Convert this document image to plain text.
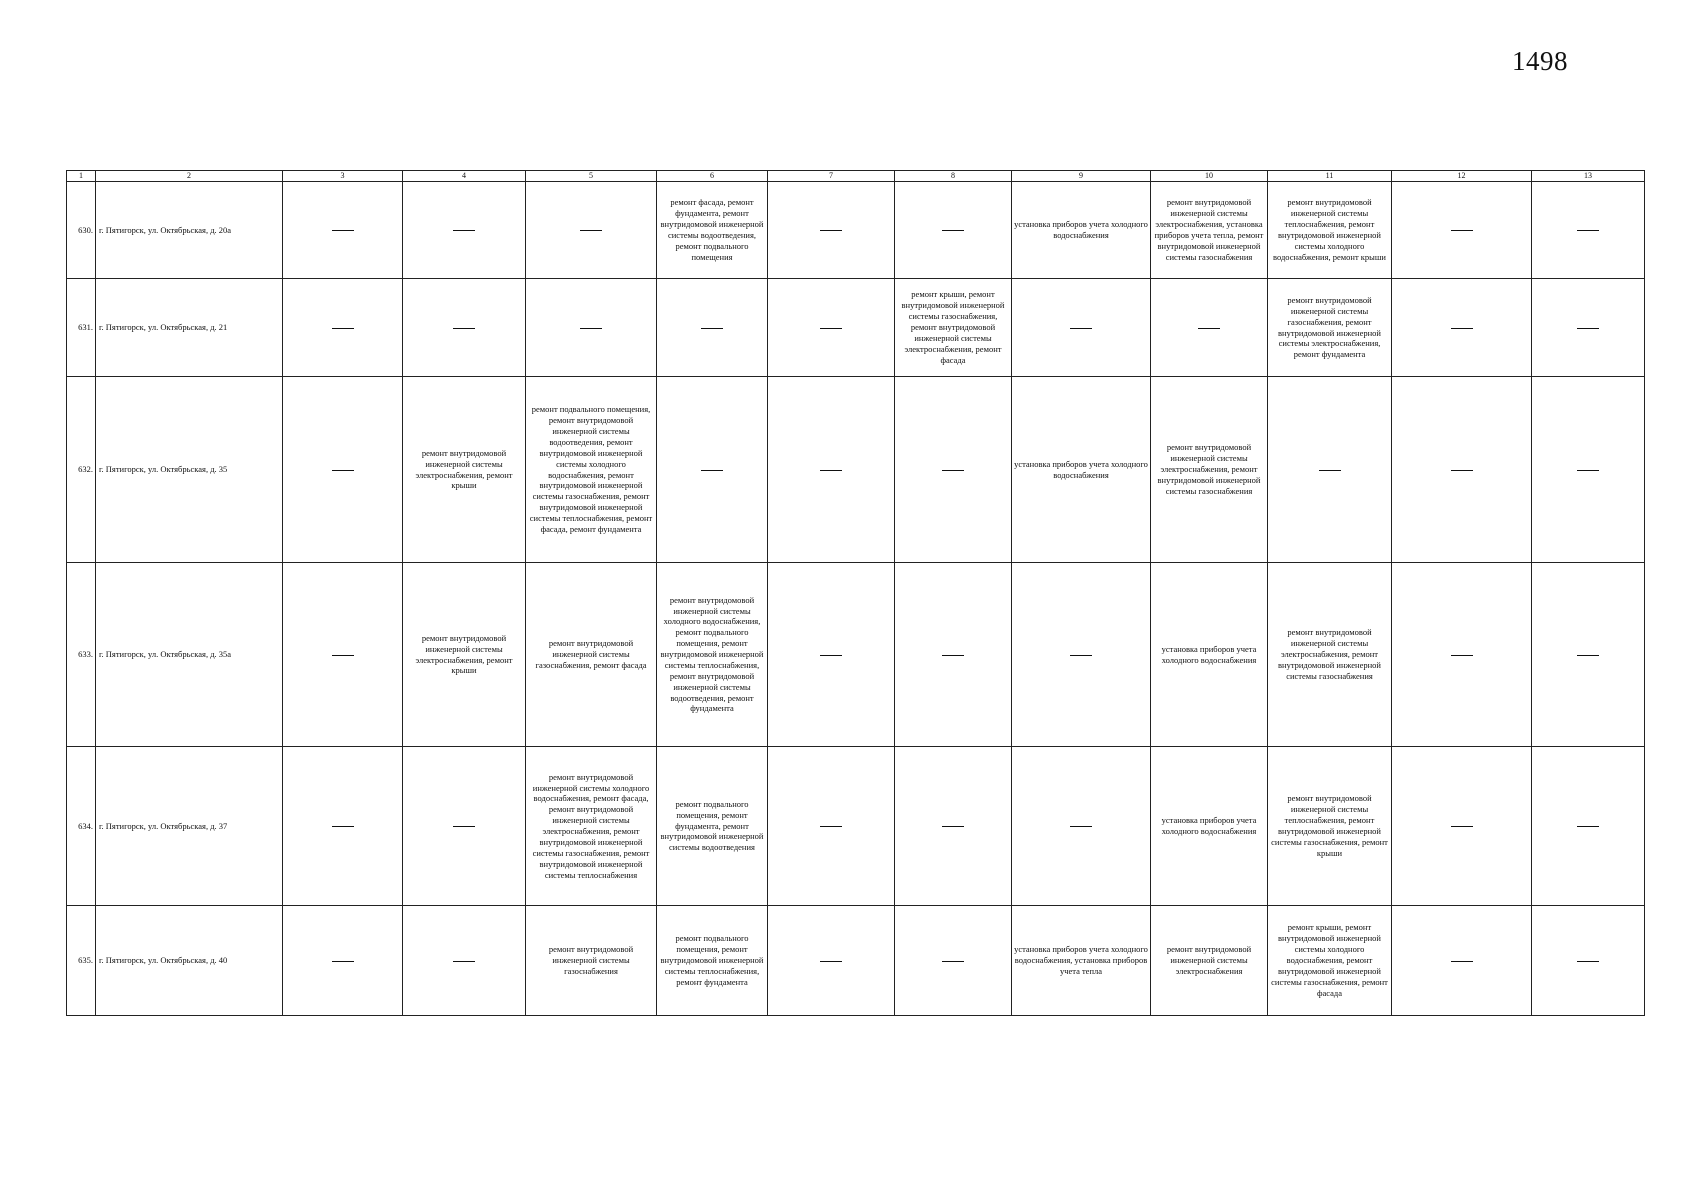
1498
1	2	3	4	5	6	7	8	9	10	11	12	13
630.	г. Пятигорск, ул. Октябрьская, д. 20а				ремонт фасада, ремонт фундамента, ремонт внутридомовой инженерной системы водоотведения, ремонт подвального помещения			установка приборов учета холодного водоснабжения	ремонт внутридомовой инженерной системы электроснабжения, установка приборов учета тепла, ремонт внутридомовой инженерной системы газоснабжения	ремонт внутридомовой инженерной системы теплоснабжения, ремонт внутридомовой инженерной системы холодного водоснабжения, ремонт крыши		
631.	г. Пятигорск, ул. Октябрьская, д. 21						ремонт крыши, ремонт внутридомовой инженерной системы газоснабжения, ремонт внутридомовой инженерной системы электроснабжения, ремонт фасада			ремонт внутридомовой инженерной системы газоснабжения, ремонт внутридомовой инженерной системы электроснабжения, ремонт фундамента		
632.	г. Пятигорск, ул. Октябрьская, д. 35		ремонт внутридомовой инженерной системы электроснабжения, ремонт крыши	ремонт подвального помещения, ремонт внутридомовой инженерной системы водоотведения, ремонт внутридомовой инженерной системы холодного водоснабжения, ремонт внутридомовой инженерной системы газоснабжения, ремонт внутридомовой инженерной системы теплоснабжения, ремонт фасада, ремонт фундамента				установка приборов учета холодного водоснабжения	ремонт внутридомовой инженерной системы электроснабжения, ремонт внутридомовой инженерной системы газоснабжения			
633.	г. Пятигорск, ул. Октябрьская, д. 35а		ремонт внутридомовой инженерной системы электроснабжения, ремонт крыши	ремонт внутридомовой инженерной системы газоснабжения, ремонт фасада	ремонт внутридомовой инженерной системы холодного водоснабжения, ремонт подвального помещения, ремонт внутридомовой инженерной системы теплоснабжения, ремонт внутридомовой инженерной системы водоотведения, ремонт фундамента				установка приборов учета холодного водоснабжения	ремонт внутридомовой инженерной системы электроснабжения, ремонт внутридомовой инженерной системы газоснабжения		
634.	г. Пятигорск, ул. Октябрьская, д. 37			ремонт внутридомовой инженерной системы холодного водоснабжения, ремонт фасада, ремонт внутридомовой инженерной системы электроснабжения, ремонт внутридомовой инженерной системы газоснабжения, ремонт внутридомовой инженерной системы теплоснабжения	ремонт подвального помещения, ремонт фундамента, ремонт внутридомовой инженерной системы водоотведения				установка приборов учета холодного водоснабжения	ремонт внутридомовой инженерной системы теплоснабжения, ремонт внутридомовой инженерной системы газоснабжения, ремонт крыши		
635.	г. Пятигорск, ул. Октябрьская, д. 40			ремонт внутридомовой инженерной системы газоснабжения	ремонт подвального помещения, ремонт внутридомовой инженерной системы теплоснабжения, ремонт фундамента			установка приборов учета холодного водоснабжения, установка приборов учета тепла	ремонт внутридомовой инженерной системы электроснабжения	ремонт крыши, ремонт внутридомовой инженерной системы холодного водоснабжения, ремонт внутридомовой инженерной системы газоснабжения, ремонт фасада		
